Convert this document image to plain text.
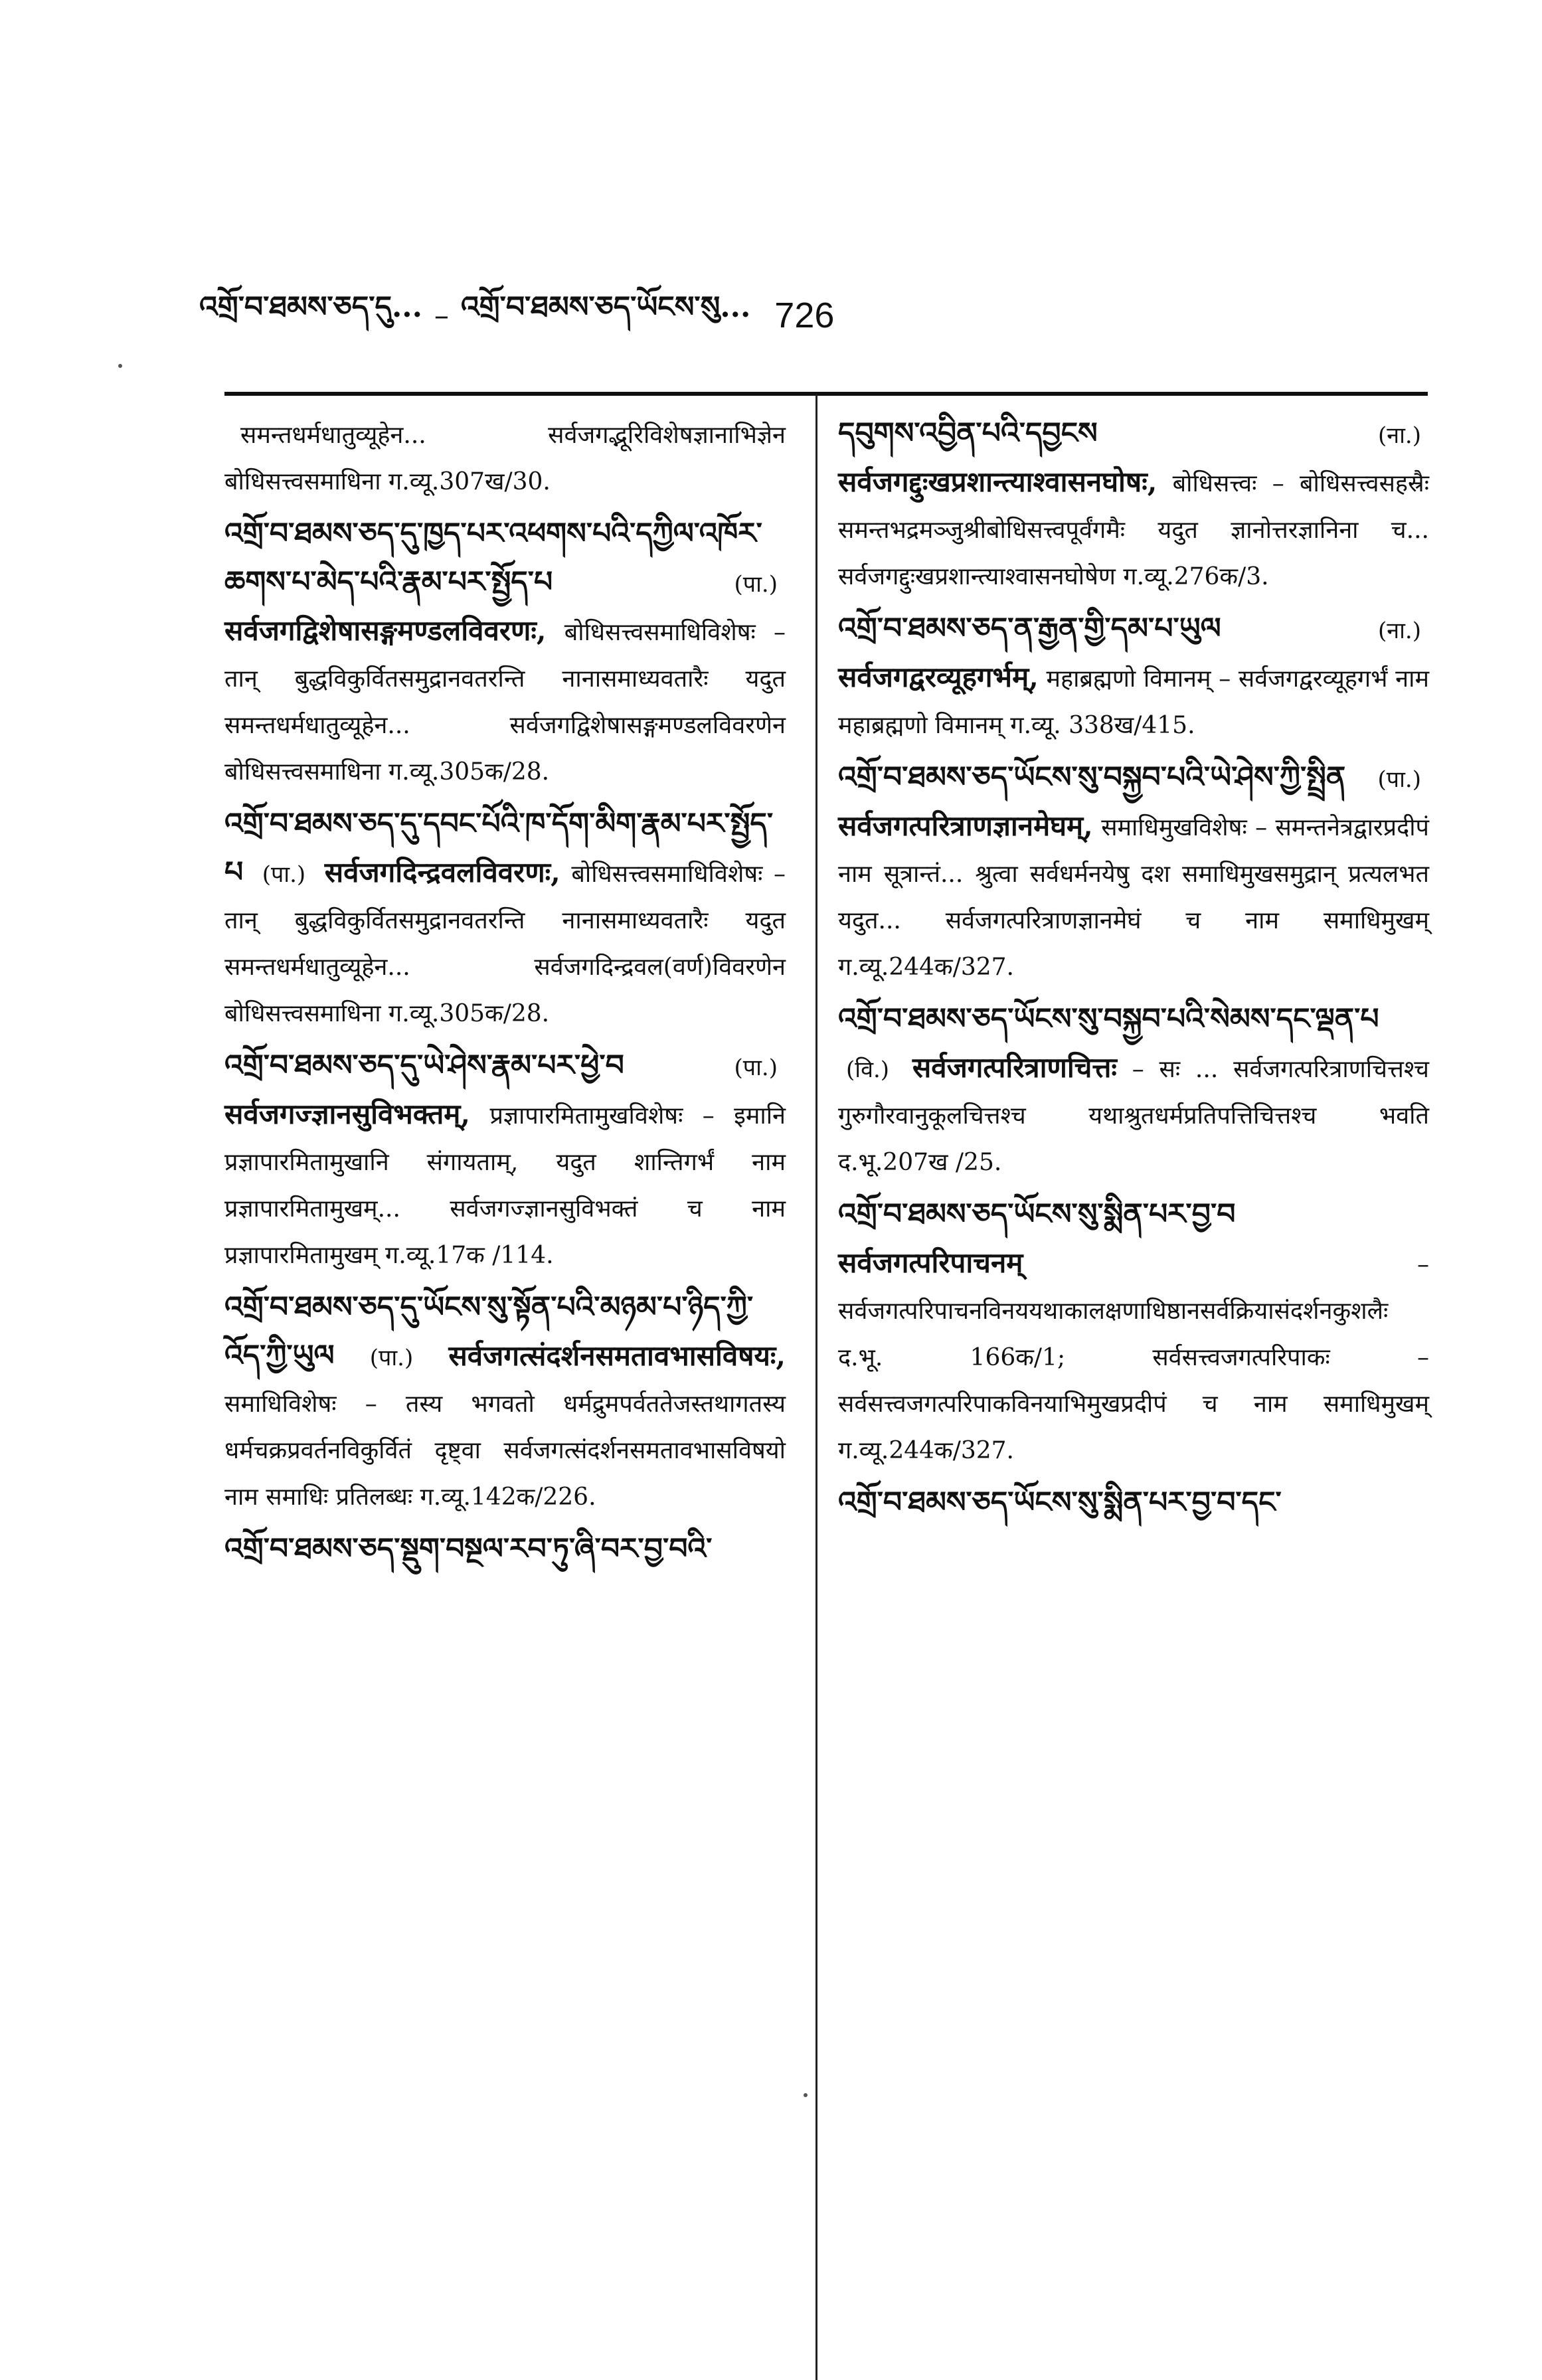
འགྲོ་བ་ཐམས་ཅད་དུ... – འགྲོ་བ་ཐམས་ཅད་ཡོངས་སུ... 726
समन्तधर्मधातुव्यूहेन... सर्वजगद्भूरिविशेषज्ञानाभिज्ञेन बोधिसत्त्वसमाधिना ग.व्यू.307ख/30.
འགྲོ་བ་ཐམས་ཅད་དུ་ཁྱད་པར་འཕགས་པའི་དཀྱིལ་འཁོར་ཆགས་པ་མེད་པའི་རྣམ་པར་སྤྱོད་པ	(पा.) सर्वजगद्विशेषासङ्गमण्डलविवरणः, बोधिसत्त्वसमाधिविशेषः – तान् बुद्धविकुर्वितसमुद्रानवतरन्ति नानासमाध्यवतारैः यदुत समन्तधर्मधातुव्यूहेन... सर्वजगद्विशेषासङ्गमण्डलविवरणेन बोधिसत्त्वसमाधिना ग.व्यू.305क/28.
འགྲོ་བ་ཐམས་ཅད་དུ་དབང་པོའི་ཁ་དོག་མིག་རྣམ་པར་སྤྱོད་པ (पा.) सर्वजगदिन्द्रवलविवरणः, बोधिसत्त्वसमाधिविशेषः – तान् बुद्धविकुर्वितसमुद्रानवतरन्ति नानासमाध्यवतारैः यदुत समन्तधर्मधातुव्यूहेन... सर्वजगदिन्द्रवल(वर्ण)विवरणेन बोधिसत्त्वसमाधिना ग.व्यू.305क/28.
འགྲོ་བ་ཐམས་ཅད་དུ་ཡེ་ཤེས་རྣམ་པར་ཕྱེ་བ	(पा.) सर्वजगज्ज्ञानसुविभक्तम्, प्रज्ञापारमितामुखविशेषः – इमानि प्रज्ञापारमितामुखानि संगायताम्, यदुत शान्तिगर्भं नाम प्रज्ञापारमितामुखम्... सर्वजगज्ज्ञानसुविभक्तं च नाम प्रज्ञापारमितामुखम् ग.व्यू.17क /114.
འགྲོ་བ་ཐམས་ཅད་དུ་ཡོངས་སུ་སྟོན་པའི་མཉམ་པ་ཉིད་ཀྱི་འོད་ཀྱི་ཡུལ (पा.) सर्वजगत्संदर्शनसमतावभासविषयः, समाधिविशेषः – तस्य भगवतो धर्मद्रुमपर्वततेजस्तथागतस्य धर्मचक्रप्रवर्तनविकुर्वितं दृष्ट्वा सर्वजगत्संदर्शनसमतावभासविषयो नाम समाधिः प्रतिलब्धः ग.व्यू.142क/226.
འགྲོ་བ་ཐམས་ཅད་སྡུག་བསྔལ་རབ་ཏུ་ཞི་བར་བྱ་བའི་
དབུགས་འབྱིན་པའི་དབྱངས	(ना.) सर्वजगद्दुःखप्रशान्त्याश्वासनघोषः, बोधिसत्त्वः – बोधिसत्त्वसहस्रैः समन्तभद्रमञ्जुश्रीबोधिसत्त्वपूर्वंगमैः यदुत ज्ञानोत्तरज्ञानिना च... सर्वजगद्दुःखप्रशान्त्याश्वासनघोषेण ग.व्यू.276क/3.
འགྲོ་བ་ཐམས་ཅད་ན་རྒྱན་གྱི་དམ་པ་ཡུལ	(ना.) सर्वजगद्वरव्यूहगर्भम्, महाब्रह्मणो विमानम् – सर्वजगद्वरव्यूहगर्भं नाम महाब्रह्मणो विमानम् ग.व्यू. 338ख/415.
འགྲོ་བ་ཐམས་ཅད་ཡོངས་སུ་བསྐྱབ་པའི་ཡེ་ཤེས་ཀྱི་སྤྲིན (पा.) सर्वजगत्परित्राणज्ञानमेघम्, समाधिमुखविशेषः – समन्तनेत्रद्वारप्रदीपं नाम सूत्रान्तं... श्रुत्वा सर्वधर्मनयेषु दश समाधिमुखसमुद्रान् प्रत्यलभत यदुत... सर्वजगत्परित्राणज्ञानमेघं च नाम समाधिमुखम् ग.व्यू.244क/327.
འགྲོ་བ་ཐམས་ཅད་ཡོངས་སུ་བསྐྱབ་པའི་སེམས་དང་ལྡན་པ (वि.) सर्वजगत्परित्राणचित्तः – सः ... सर्वजगत्परित्राणचित्तश्च गुरुगौरवानुकूलचित्तश्च यथाश्रुतधर्मप्रतिपत्तिचित्तश्च भवति द.भू.207ख /25.
འགྲོ་བ་ཐམས་ཅད་ཡོངས་སུ་སྨིན་པར་བྱ་བ सर्वजगत्परिपाचनम्	– सर्वजगत्परिपाचनविनययथाकालक्षणाधिष्ठानसर्वक्रियासंदर्शनकुशलैः द.भू. 166क/1; सर्वसत्त्वजगत्परिपाकः – सर्वसत्त्वजगत्परिपाकविनयाभिमुखप्रदीपं च नाम समाधिमुखम् ग.व्यू.244क/327.
འགྲོ་བ་ཐམས་ཅད་ཡོངས་སུ་སྨིན་པར་བྱ་བ་དང་
